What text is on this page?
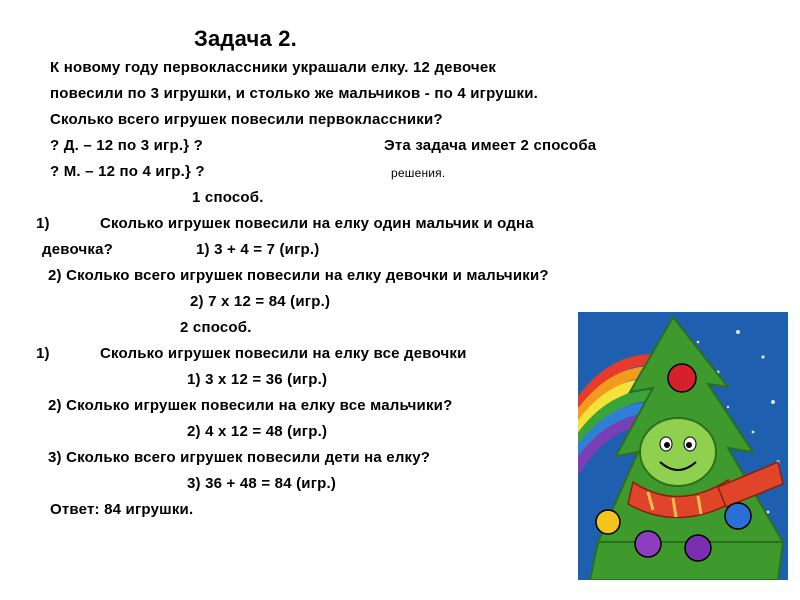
Задача 2.
К новому году первоклассники украшали елку. 12 девочек
повесили по 3 игрушки, и столько же мальчиков - по 4 игрушки.
Сколько всего игрушек повесили первоклассники?
? Д. – 12 по 3 игр.} ?	Эта задача имеет 2 способа
? М. – 12 по 4 игр.} ?	решения.
1 способ.
1)	Сколько игрушек повесили на елку один мальчик и одна
девочка?	1) 3 + 4 = 7 (игр.)
2) Сколько всего игрушек повесили на елку девочки и мальчики?
2) 7 х 12 = 84 (игр.)
2 способ.
1)	Сколько игрушек повесили на елку все девочки
1) 3 х 12 = 36 (игр.)
2) Сколько игрушек повесили на елку все мальчики?
2) 4 х 12 = 48 (игр.)
3) Сколько всего игрушек повесили дети на елку?
3) 36 + 48 = 84 (игр.)
Ответ: 84 игрушки.
